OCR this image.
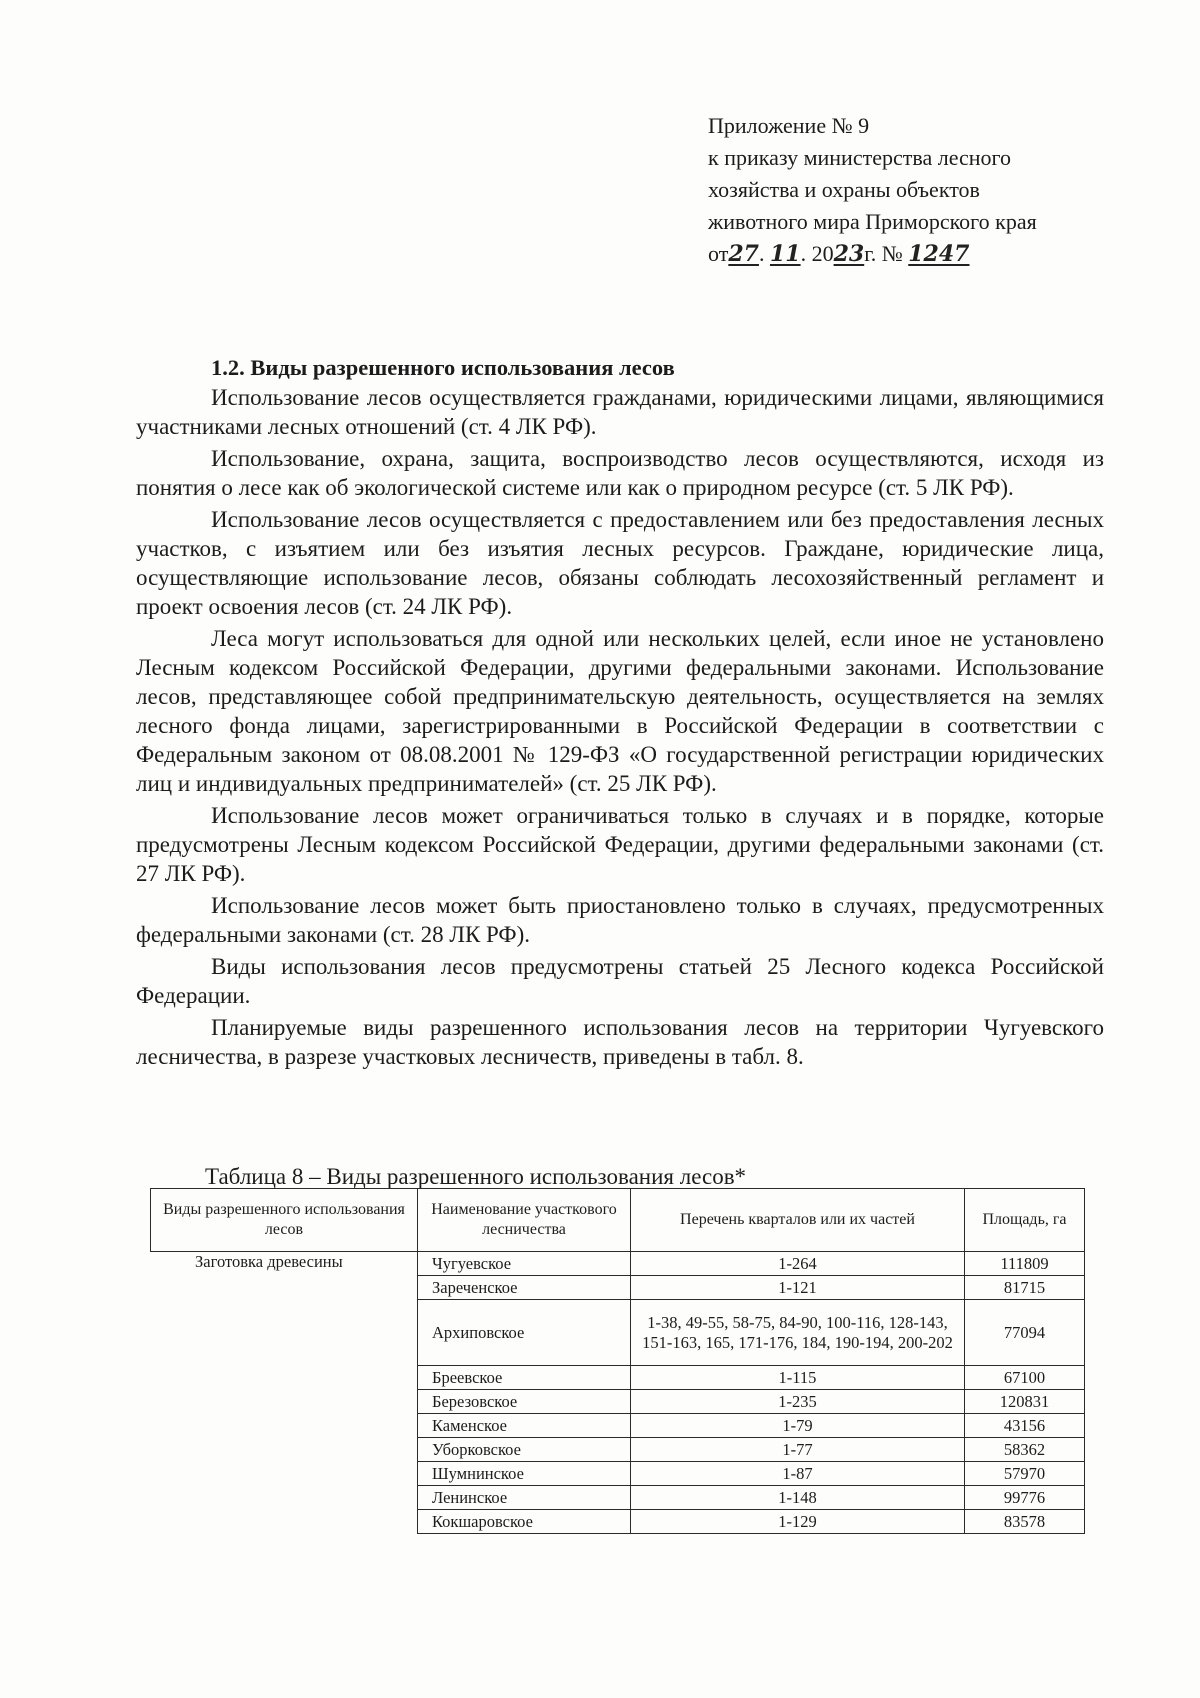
Приложение № 9
к приказу министерства лесного
хозяйства и охраны объектов
животного мира Приморского края
от27. 11. 2023г. № 1247
1.2. Виды разрешенного использования лесов

Использование лесов осуществляется гражданами, юридическими лицами, являющимися участниками лесных отношений (ст. 4 ЛК РФ).

Использование, охрана, защита, воспроизводство лесов осуществляются, исходя из понятия о лесе как об экологической системе или как о природном ресурсе (ст. 5 ЛК РФ).

Использование лесов осуществляется с предоставлением или без предоставления лесных участков, с изъятием или без изъятия лесных ресурсов. Граждане, юридические лица, осуществляющие использование лесов, обязаны соблюдать лесохозяйственный регламент и проект освоения лесов (ст. 24 ЛК РФ).

Леса могут использоваться для одной или нескольких целей, если иное не установлено Лесным кодексом Российской Федерации, другими федеральными законами. Использование лесов, представляющее собой предпринимательскую деятельность, осуществляется на землях лесного фонда лицами, зарегистрированными в Российской Федерации в соответствии с Федеральным законом от 08.08.2001 № 129-ФЗ «О государственной регистрации юридических лиц и индивидуальных предпринимателей» (ст. 25 ЛК РФ).

Использование лесов может ограничиваться только в случаях и в порядке, которые предусмотрены Лесным кодексом Российской Федерации, другими федеральными законами (ст. 27 ЛК РФ).

Использование лесов может быть приостановлено только в случаях, предусмотренных федеральными законами (ст. 28 ЛК РФ).

Виды использования лесов предусмотрены статьей 25 Лесного кодекса Российской Федерации.

Планируемые виды разрешенного использования лесов на территории Чугуевского лесничества, в разрезе участковых лесничеств, приведены в табл. 8.

Таблица 8 – Виды разрешенного использования лесов*
Виды разрешенного использования лесов	Наименование участкового лесничества	Перечень кварталов или их частей	Площадь, га
Заготовка древесины	Чугуевское	1-264	111809
	Зареченское	1-121	81715
	Архиповское	1-38, 49-55, 58-75, 84-90, 100-116, 128-143, 151-163, 165, 171-176, 184, 190-194, 200-202	77094
	Бреевское	1-115	67100
	Березовское	1-235	120831
	Каменское	1-79	43156
	Уборковское	1-77	58362
	Шумнинское	1-87	57970
	Ленинское	1-148	99776
	Кокшаровское	1-129	83578
